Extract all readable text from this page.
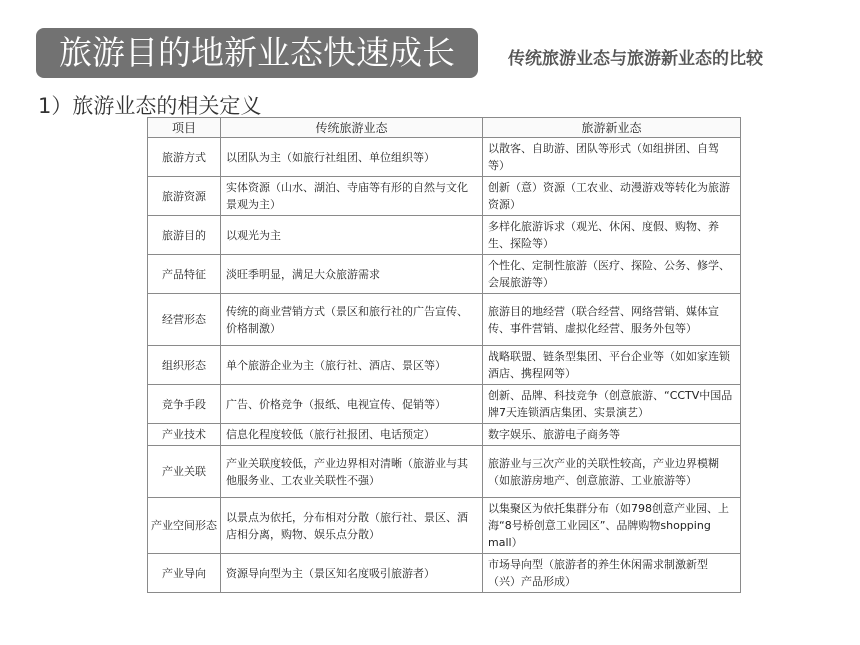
旅游目的地新业态快速成长	传统旅游业态与旅游新业态的比较
1）旅游业态的相关定义
项目	传统旅游业态	旅游新业态
旅游方式	以团队为主（如旅行社组团、单位组织等）	以散客、自助游、团队等形式（如组拼团、自驾等）
旅游资源	实体资源（山水、湖泊、寺庙等有形的自然与文化景观为主）	创新（意）资源（工农业、动漫游戏等转化为旅游资源）
旅游目的	以观光为主	多样化旅游诉求（观光、休闲、度假、购物、养生、探险等）
产品特征	淡旺季明显，满足大众旅游需求	个性化、定制性旅游（医疗、探险、公务、修学、会展旅游等）
经营形态	传统的商业营销方式（景区和旅行社的广告宣传、价格制激）	旅游目的地经营（联合经营、网络营销、媒体宣传、事件营销、虚拟化经营、服务外包等）
组织形态	单个旅游企业为主（旅行社、酒店、景区等）	战略联盟、链条型集团、平台企业等（如如家连锁酒店、携程网等）
竞争手段	广告、价格竞争（报纸、电视宣传、促销等）	创新、品牌、科技竞争（创意旅游、“CCTV中国品牌7天连锁酒店集团、实景演艺）
产业技术	信息化程度较低（旅行社报团、电话预定）	数字娱乐、旅游电子商务等
产业关联	产业关联度较低，产业边界相对清晰（旅游业与其他服务业、工农业关联性不强）	旅游业与三次产业的关联性较高，产业边界模糊（如旅游房地产、创意旅游、工业旅游等）
产业空间形态	以景点为依托，分布相对分散（旅行社、景区、酒店相分离，购物、娱乐点分散）	以集聚区为依托集群分布（如798创意产业园、上海“8号桥创意工业园区”、品牌购物shopping mall）
产业导向	资源导向型为主（景区知名度吸引旅游者）	市场导向型（旅游者的养生休闲需求制激新型（兴）产品形成）
